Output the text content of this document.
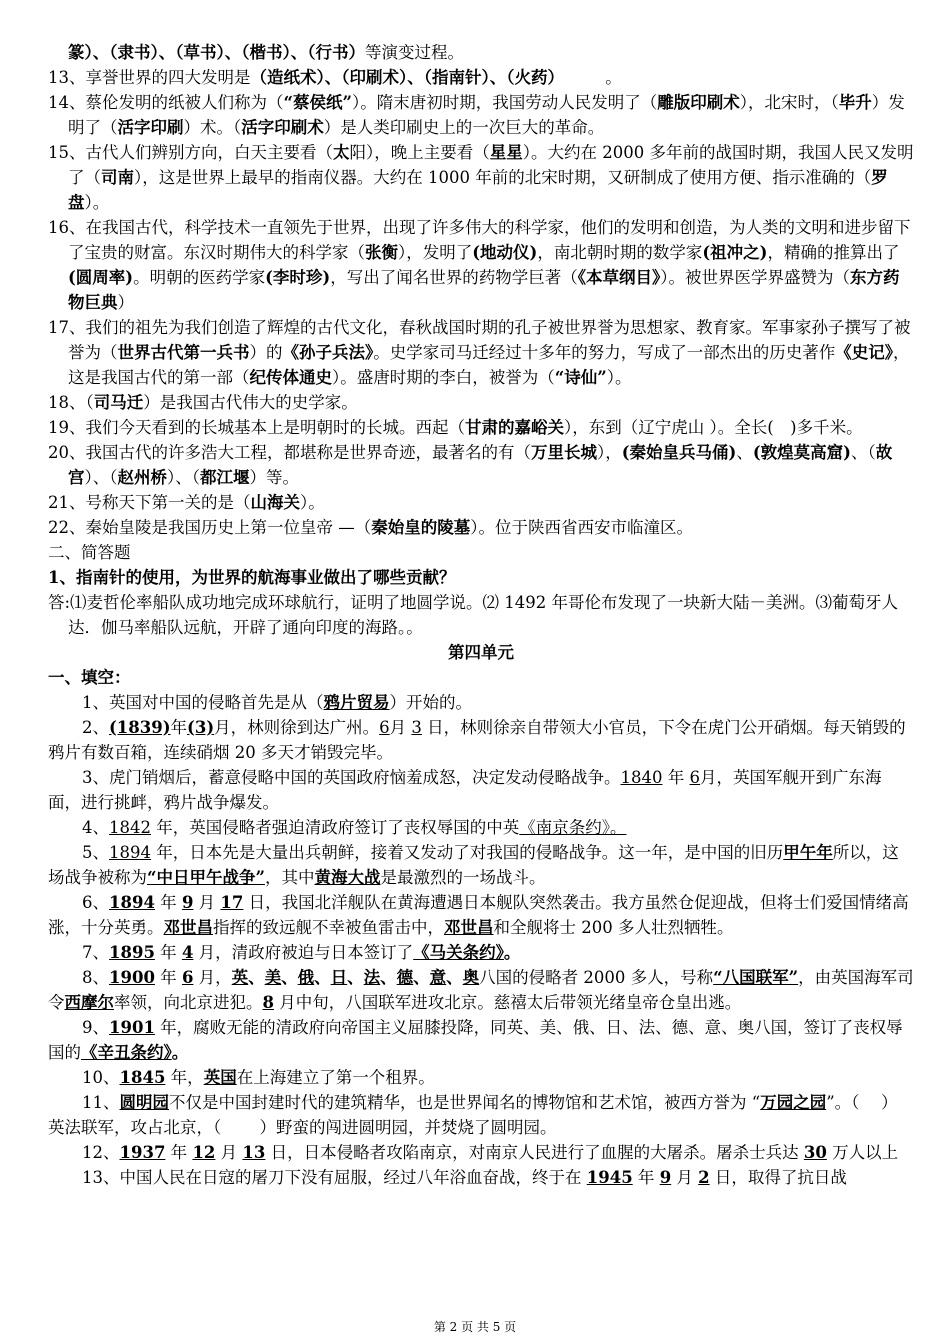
篆）、（隶书）、（草书）、（楷书）、（行书）等演变过程。

13、享誉世界的四大发明是（造纸术）、（印刷术）、（指南针）、（火药）　　　。

14、蔡伦发明的纸被人们称为（“蔡侯纸”）。隋末唐初时期，我国劳动人民发明了（雕版印刷术），北宋时，（毕升）发明了（活字印刷）术。（活字印刷术）是人类印刷史上的一次巨大的革命。

15、古代人们辨别方向，白天主要看（太阳），晚上主要看（星星）。大约在 2000 多年前的战国时期，我国人民又发明了（司南），这是世界上最早的指南仪器。大约在 1000 年前的北宋时期，又研制成了使用方便、指示准确的（罗盘）。

16、在我国古代，科学技术一直领先于世界，出现了许多伟大的科学家，他们的发明和创造，为人类的文明和进步留下了宝贵的财富。东汉时期伟大的科学家（张衡），发明了(地动仪)，南北朝时期的数学家(祖冲之)，精确的推算出了(圆周率)。明朝的医药学家(李时珍)，写出了闻名世界的药物学巨著（《本草纲目》）。被世界医学界盛赞为（东方药物巨典）

17、我们的祖先为我们创造了辉煌的古代文化，春秋战国时期的孔子被世界誉为思想家、教育家。军事家孙子撰写了被誉为（世界古代第一兵书）的《孙子兵法》。史学家司马迁经过十多年的努力，写成了一部杰出的历史著作《史记》，这是我国古代的第一部（纪传体通史）。盛唐时期的李白，被誉为（“诗仙”）。

18、（司马迁）是我国古代伟大的史学家。

19、我们今天看到的长城基本上是明朝时的长城。西起（甘肃的嘉峪关），东到（辽宁虎山 ）。全长(　)多千米。

20、我国古代的许多浩大工程，都堪称是世界奇迹，最著名的有（万里长城），(秦始皇兵马俑)、(敦煌莫高窟)、（故宫）、（赵州桥）、（都江堰）等。

21、号称天下第一关的是（山海关）。

22、秦始皇陵是我国历史上第一位皇帝 —（秦始皇的陵墓）。位于陕西省西安市临潼区。

二、简答题

1、指南针的使用，为世界的航海事业做出了哪些贡献？

答:⑴麦哲伦率船队成功地完成环球航行，证明了地圆学说。⑵ 1492 年哥伦布发现了一块新大陆－美洲。⑶葡萄牙人达．伽马率船队远航，开辟了通向印度的海路。。

第四单元

一、填空：

1、英国对中国的侵略首先是从（鸦片贸易）开始的。

2、(1839)年(3)月，林则徐到达广州。6月 3 日，林则徐亲自带领大小官员，下令在虎门公开硝烟。每天销毁的鸦片有数百箱，连续硝烟 20 多天才销毁完毕。

3、虎门销烟后，蓄意侵略中国的英国政府恼羞成怒，决定发动侵略战争。1840 年 6月，英国军舰开到广东海面，进行挑衅，鸦片战争爆发。

4、1842 年，英国侵略者强迫清政府签订了丧权辱国的中英《南京条约》。

5、1894 年，日本先是大量出兵朝鲜，接着又发动了对我国的侵略战争。这一年，是中国的旧历甲午年所以，这场战争被称为“中日甲午战争”，其中黄海大战是最激烈的一场战斗。

6、1894 年 9 月 17 日，我国北洋舰队在黄海遭遇日本舰队突然袭击。我方虽然仓促迎战，但将士们爱国情绪高涨，十分英勇。邓世昌指挥的致远舰不幸被鱼雷击中，邓世昌和全舰将士 200 多人壮烈牺牲。

7、1895 年 4 月，清政府被迫与日本签订了《马关条约》。

8、1900 年 6 月，英、美、俄、日、法、德、意、奥八国的侵略者 2000 多人，号称“八国联军”，由英国海军司令西摩尔率领，向北京进犯。8 月中旬，八国联军进攻北京。慈禧太后带领光绪皇帝仓皇出逃。

9、1901 年，腐败无能的清政府向帝国主义屈膝投降，同英、美、俄、日、法、德、意、奥八国，签订了丧权辱国的《辛丑条约》。

10、1845 年，英国在上海建立了第一个租界。

11、圆明园不仅是中国封建时代的建筑精华，也是世界闻名的博物馆和艺术馆，被西方誉为 “万园之园”。（　 ）英法联军，攻占北京，（　　 ）野蛮的闯进圆明园，并焚烧了圆明园。

12、1937 年 12 月 13 日，日本侵略者攻陷南京，对南京人民进行了血腥的大屠杀。屠杀士兵达 30 万人以上

13、中国人民在日寇的屠刀下没有屈服，经过八年浴血奋战，终于在 1945 年 9 月 2 日，取得了抗日战

第 2 页 共 5 页
